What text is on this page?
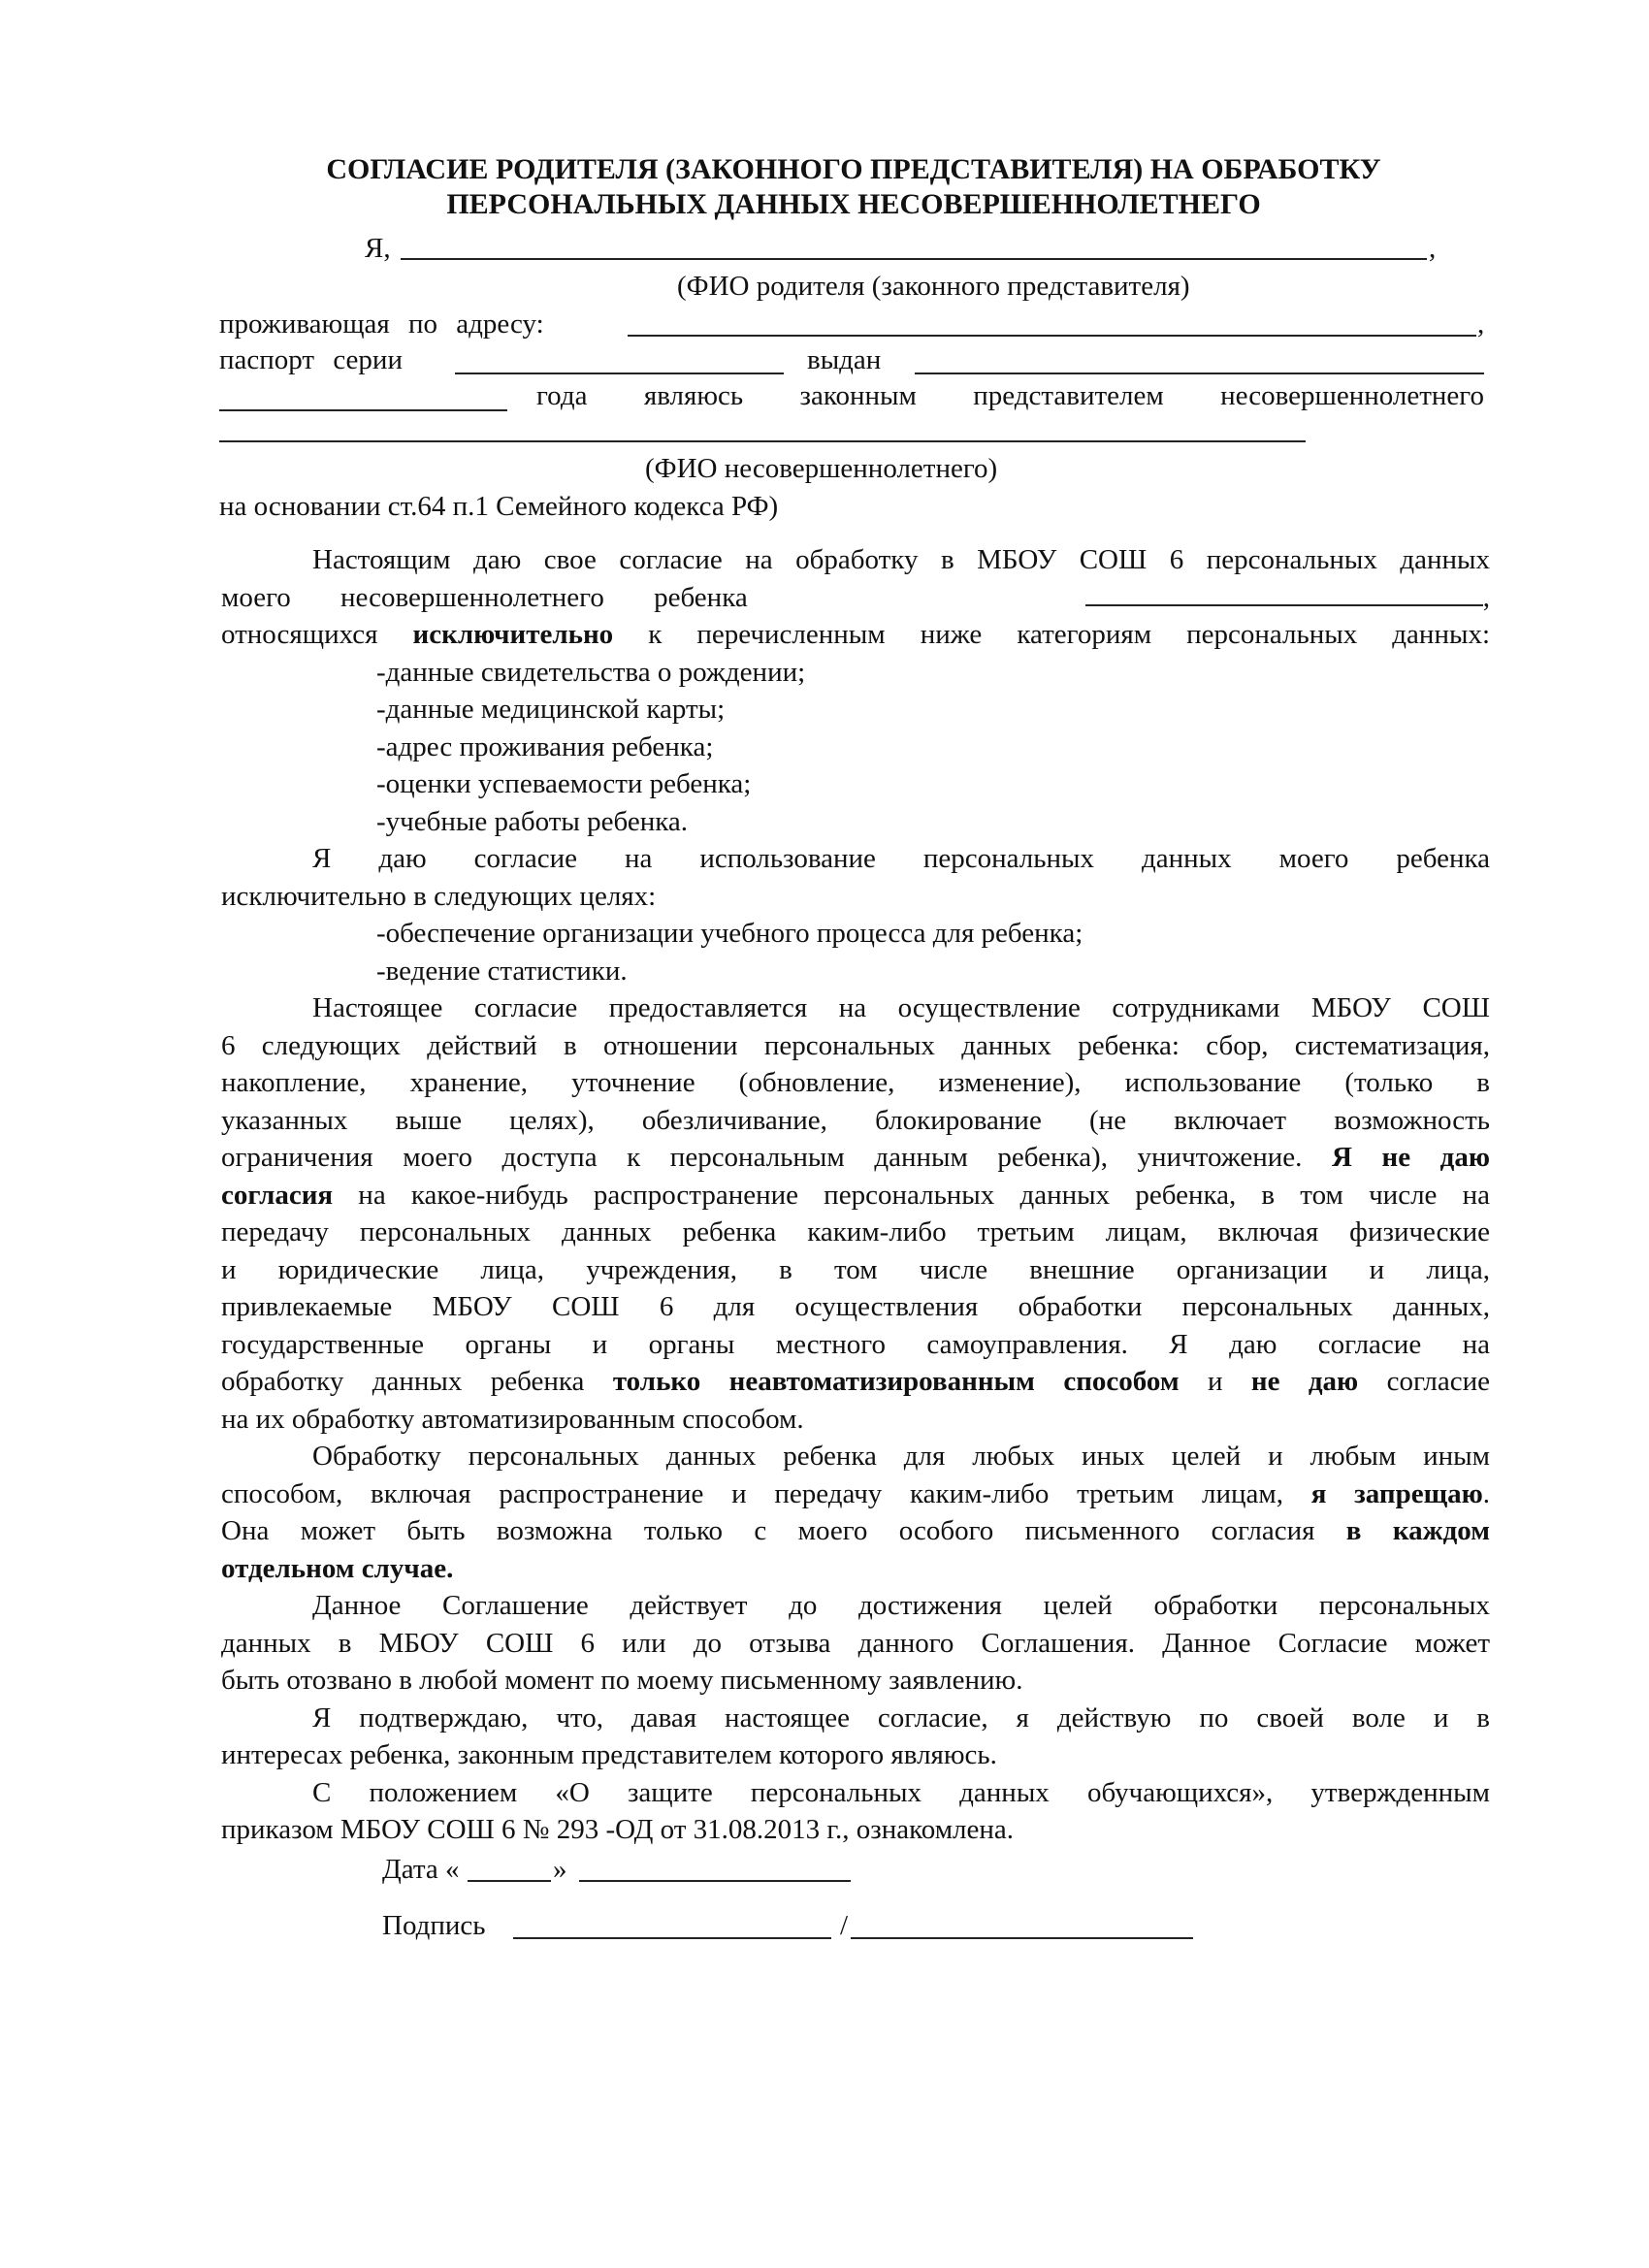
СОГЛАСИЕ РОДИТЕЛЯ (ЗАКОННОГО ПРЕДСТАВИТЕЛЯ) НА ОБРАБОТКУ
ПЕРСОНАЛЬНЫХ ДАННЫХ НЕСОВЕРШЕННОЛЕТНЕГО
Я,	,
(ФИО родителя (законного представителя)
проживающая по адресу:	,
паспорт серии	выдан
года являюсь законным представителем несовершеннолетнего
(ФИО несовершеннолетнего)
на основании ст.64 п.1 Семейного кодекса РФ)
Настоящим даю свое согласие на обработку в МБОУ СОШ 6 персональных данных
моего несовершеннолетнего ребенка	,
относящихся исключительно к перечисленным ниже категориям персональных данных:
-данные свидетельства о рождении;
-данные медицинской карты;
-адрес проживания ребенка;
-оценки успеваемости ребенка;
-учебные работы ребенка.
Я даю согласие на использование персональных данных моего ребенка
исключительно в следующих целях:
-обеспечение организации учебного процесса для ребенка;
-ведение статистики.
Настоящее согласие предоставляется на осуществление сотрудниками МБОУ СОШ
6 следующих действий в отношении персональных данных ребенка: сбор, систематизация,
накопление, хранение, уточнение (обновление, изменение), использование (только в
указанных выше целях), обезличивание, блокирование (не включает возможность
ограничения моего доступа к персональным данным ребенка), уничтожение. Я не даю
согласия на какое-нибудь распространение персональных данных ребенка, в том числе на
передачу персональных данных ребенка каким-либо третьим лицам, включая физические
и юридические лица, учреждения, в том числе внешние организации и лица,
привлекаемые МБОУ СОШ 6 для осуществления обработки персональных данных,
государственные органы и органы местного самоуправления. Я даю согласие на
обработку данных ребенка только неавтоматизированным способом и не даю согласие
на их обработку автоматизированным способом.
Обработку персональных данных ребенка для любых иных целей и любым иным
способом, включая распространение и передачу каким-либо третьим лицам, я запрещаю.
Она может быть возможна только с моего особого письменного согласия в каждом
отдельном случае.
Данное Соглашение действует до достижения целей обработки персональных
данных в МБОУ СОШ 6 или до отзыва данного Соглашения. Данное Согласие может
быть отозвано в любой момент по моему письменному заявлению.
Я подтверждаю, что, давая настоящее согласие, я действую по своей воле и в
интересах ребенка, законным представителем которого являюсь.
С положением «О защите персональных данных обучающихся», утвержденным
приказом МБОУ СОШ 6 № 293 -ОД от 31.08.2013 г., ознакомлена.
Дата «	»
Подпись	/
